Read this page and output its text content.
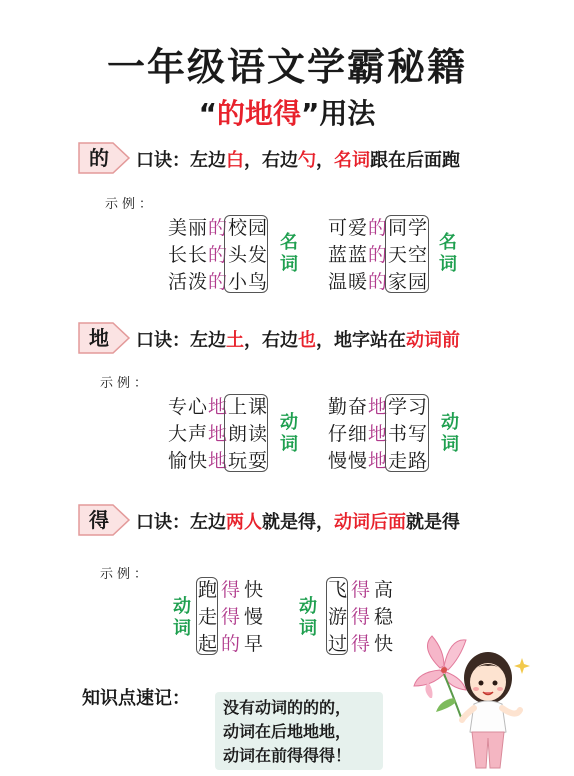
一年级语文学霸秘籍
“的地得”用法
的	口诀：左边白，右边勺，名词跟在后面跑
示例：
美丽的校园
长长的头发
活泼的小鸟
名
词
可爱的同学
蓝蓝的天空
温暖的家园
名
词
地	口诀：左边土，右边也，地字站在动词前
示例：
专心地上课
大声地朗读
愉快地玩耍
动
词
勤奋地学习
仔细地书写
慢慢地走路
动
词
得	口诀：左边两人就是得，动词后面就是得
示例：
动
词
跑得快
走得慢
起的早
动
词
飞得高
游得稳
过得快
知识点速记： 没有动词的的的，
动词在后地地地，
动词在前得得得！
